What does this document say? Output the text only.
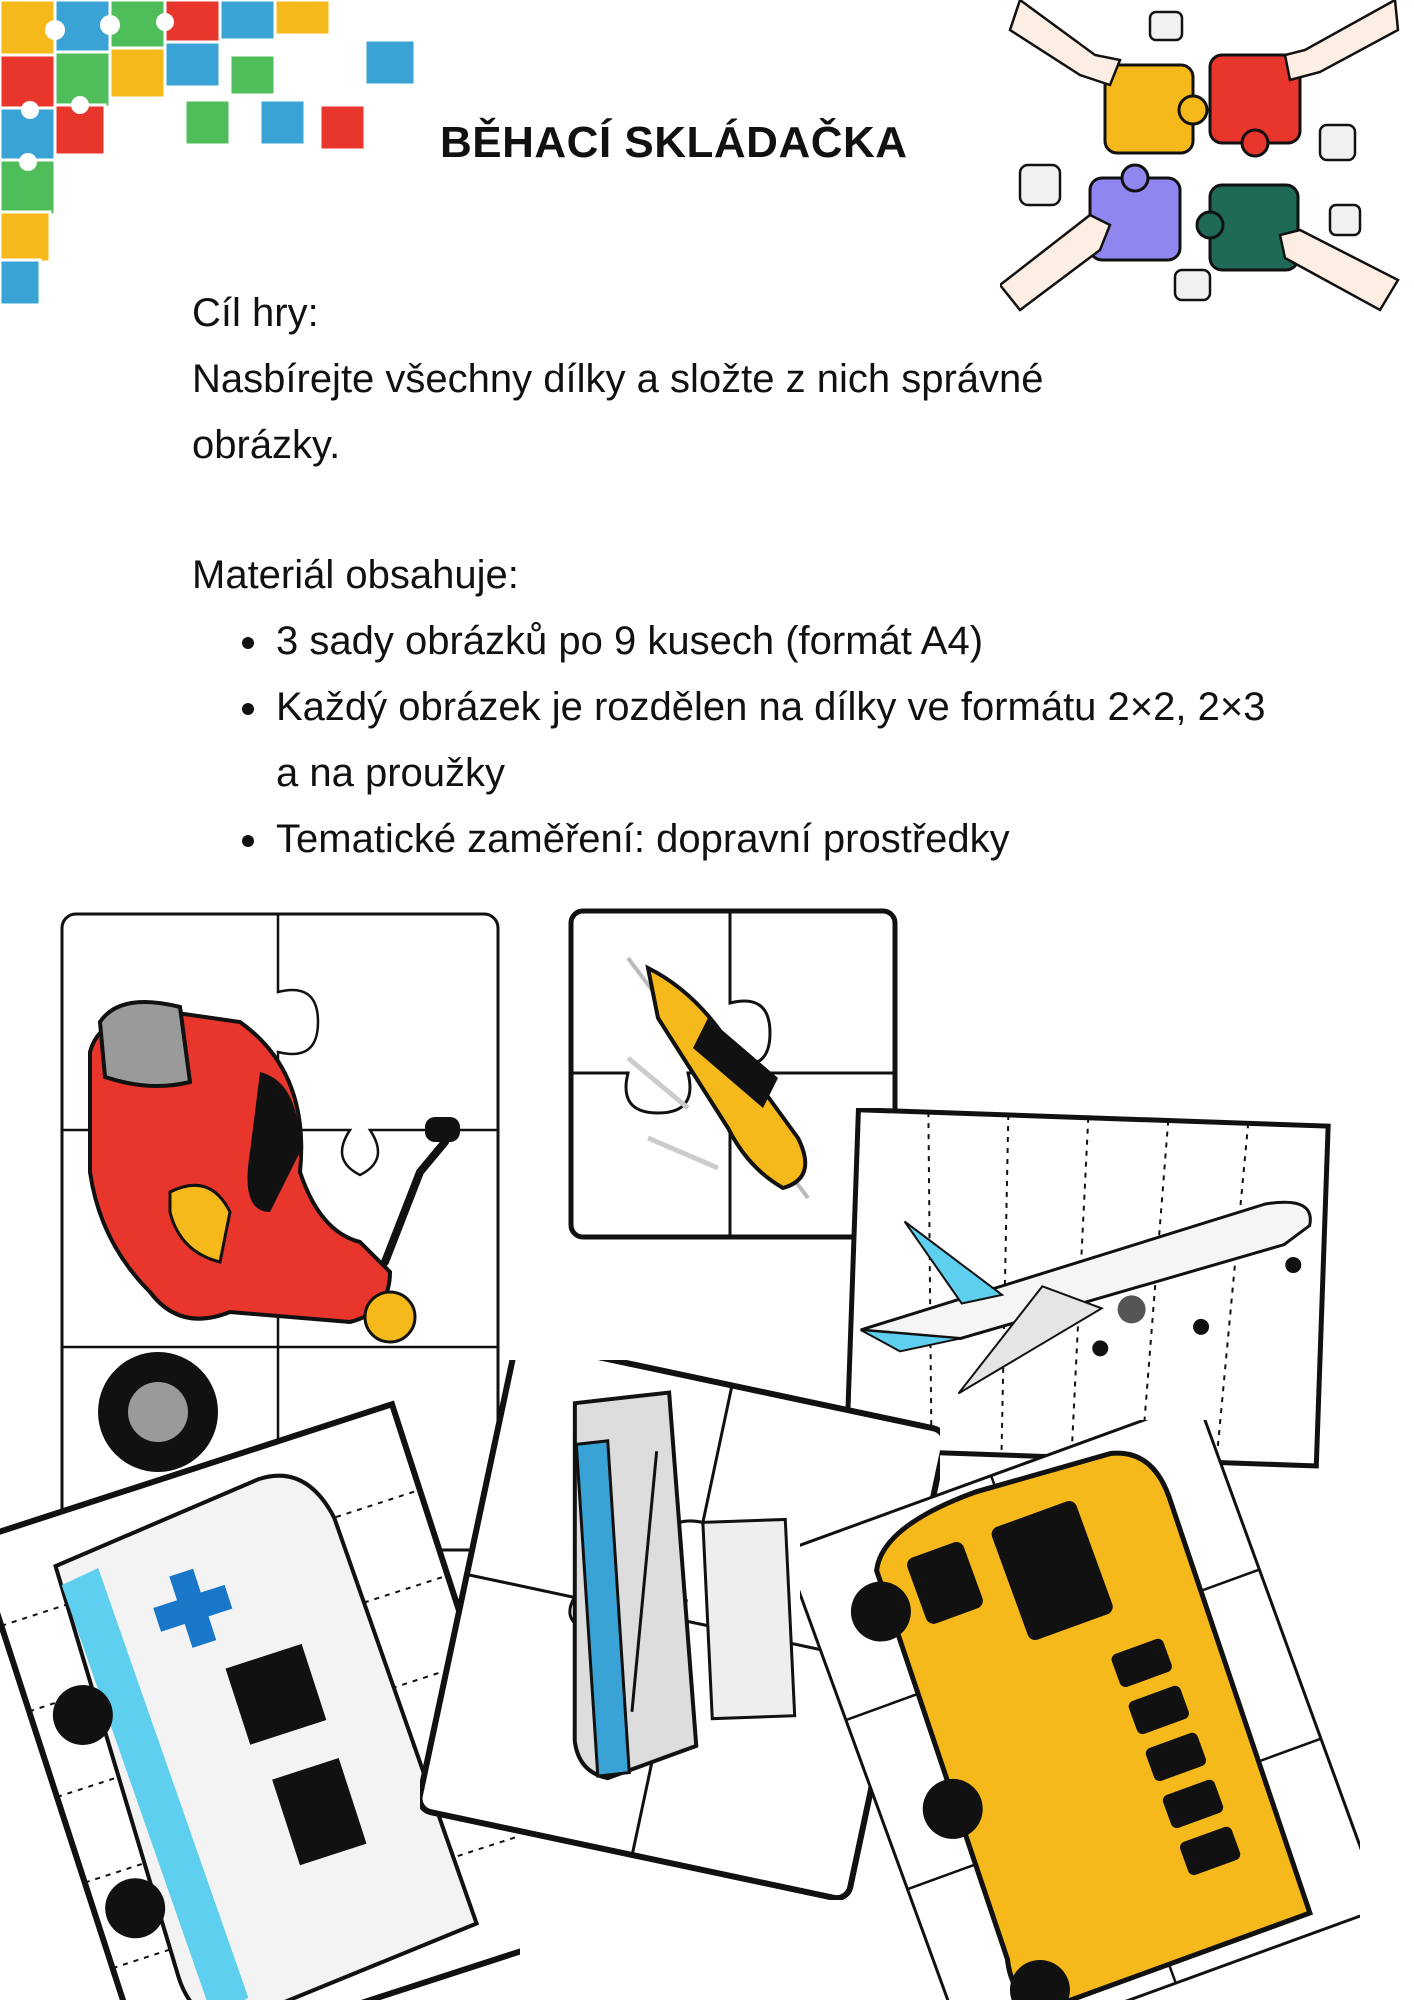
BĚHACÍ SKLÁDAČKA
Cíl hry:
Nasbírejte všechny dílky a složte z nich správné obrázky.
Materiál obsahuje:
• 3 sady obrázků po 9 kusech (formát A4)
• Každý obrázek je rozdělen na dílky ve formátu 2×2, 2×3 a na proužky
• Tematické zaměření: dopravní prostředky
